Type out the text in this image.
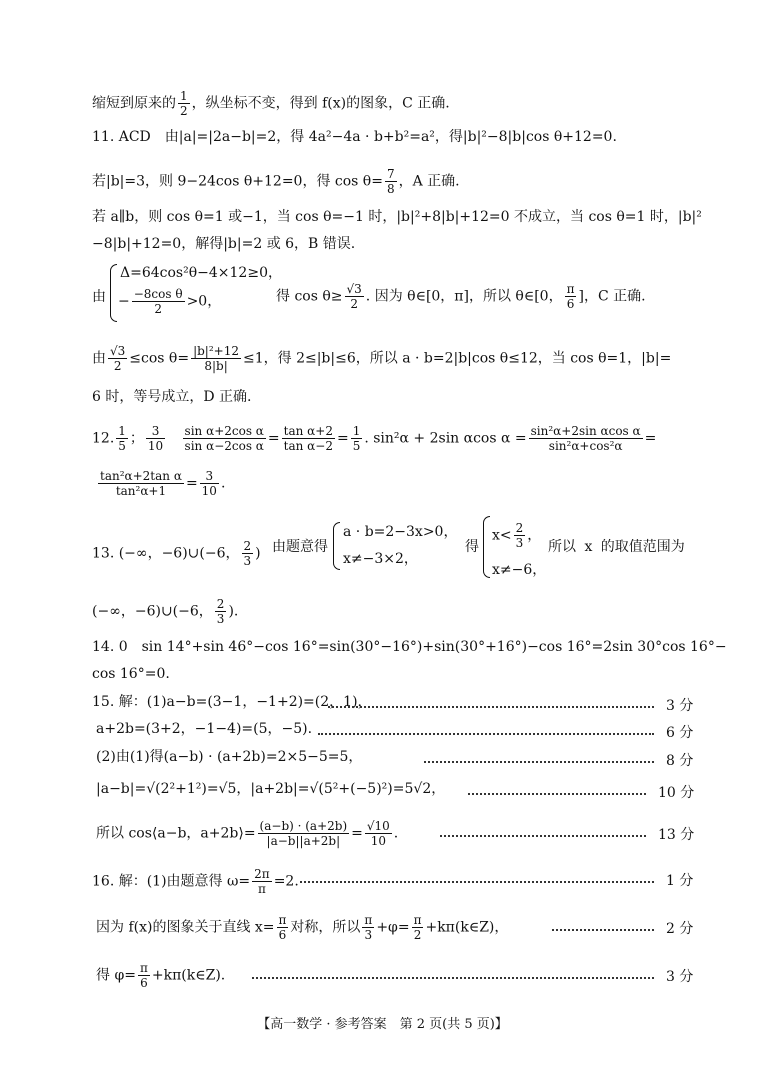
缩短到原来的 $\frac{1}{2}$ ，纵坐标不变，得到 f(x)的图象，C 正确.
11. ACD　由|a|=|2a−b|=2，得 4a²−4a · b+b²=a²，得|b|²−8|b|cos θ+12=0.
若|b|=3，则 9−24cos θ+12=0，得 $\cos \theta= \frac{7}{8}$ ，A 正确.
若 a∥b，则 cos θ=1 或−1，当 cos θ=−1 时，|b|²+8|b|+12=0 不成立，当 cos θ=1 时，|b|²
−8|b|+12=0，解得|b|=2 或 6，B 错误.
由
Δ=64cos²θ−4×12≥0，
− $\frac{\text{−8cos θ}}{2} >0$，	得 $\cos \theta\ge \frac{√3}{2}$ . 因为 θ∈[0，π]，所以 θ∈[0， $\frac{\pi}{6}$ ]，C 正确.
由 $\frac{√3}{2} \le\cos$ $\theta= \frac{\text{|b|²+12}}{8|b|} \le 1$，得 2≤|b|≤6，所以 a · b=2|b|cos θ≤12，当 cos θ=1，|b|=
6 时，等号成立，D 正确.
12. $\frac{1}{5}$ ； $\frac{3}{10}$
$\frac{\text{sin α+2cos α}}{\text{sin α−2cos α}} = \frac{\text{tan α+2}}{\text{tan α−2}} = \frac{1}{5}$ . sin²α + 2sin αcos $\alpha = \frac{\text{sin²α+2sin αcos α}}{\text{sin²α+cos²α}}$ =
$\frac{\text{tan²α+2tan α}}{\text{tan²α+1}} = \frac{3}{10}$ .
13. (−∞，−6)∪(−6， $\frac{2}{3}$ ) 由题意得
a · b=2−3x>0，
x≠−3×2，
得
$x< \frac{2}{3}$ ，
x≠−6，
所以 x 的取值范围为
(−∞，−6)∪(−6， $\frac{2}{3}$ ).
14. 0　sin 14°+sin 46°−cos 16°=sin(30°−16°)+sin(30°+16°)−cos 16°=2sin 30°cos 16°−
cos 16°=0.
15. 解：(1)a−b=(3−1，−1+2)=(2，1)，	3 分
a+2b=(3+2，−1−4)=(5，−5).	6 分
(2)由(1)得(a−b) · (a+2b)=2×5−5=5，	8 分
|a−b|=√(2²+1²)=√5，|a+2b|=√(5²+(−5)²)=5√2，	10 分
所以 cos⟨a−b，a+2b⟩= $\frac{(a-b) \cdot (a+2b)}{|a-b||a+2b|} = \frac{√10}{10}$ .	13 分
16. 解：(1)由题意得 $\omega= \frac{2\pi}{\pi} =2$.	1 分
因为 f(x)的图象关于直线 $x= \frac{\pi}{6}$ 对称，所以 $\frac{\pi}{3} +\varphi= \frac{\pi}{2}$ +kπ(k∈Z)，	2 分
得 $\varphi= \frac{\pi}{6}$ +kπ(k∈Z).	3 分
【高一数学 · 参考答案　第 2 页(共 5 页)】
